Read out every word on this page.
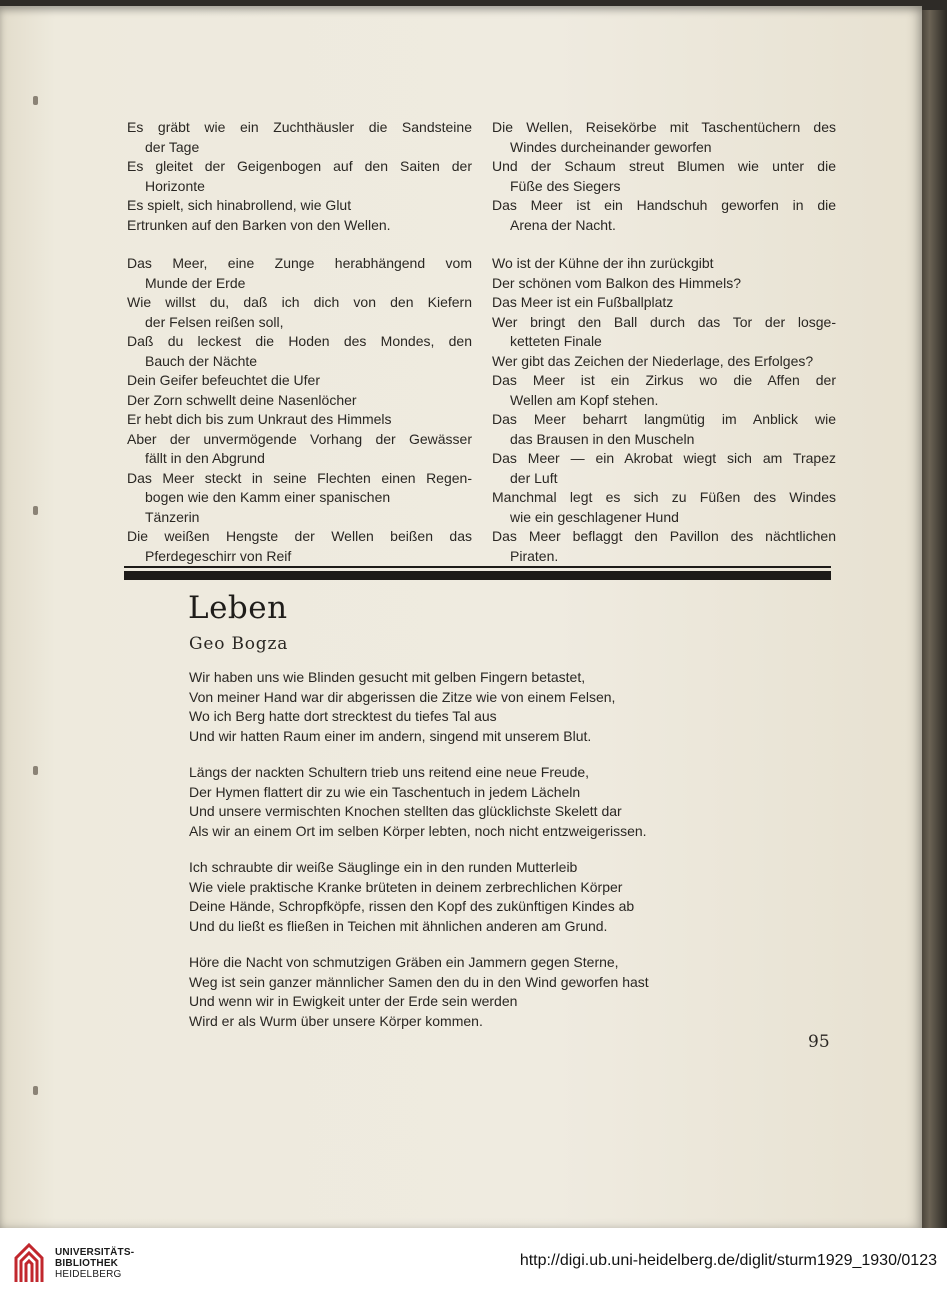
Es gräbt wie ein Zuchthäusler die Sandsteine
der Tage
Es gleitet der Geigenbogen auf den Saiten der
Horizonte
Es spielt, sich hinabrollend, wie Glut
Ertrunken auf den Barken von den Wellen.
Das Meer, eine Zunge herabhängend vom
Munde der Erde
Wie willst du, daß ich dich von den Kiefern
der Felsen reißen soll,
Daß du leckest die Hoden des Mondes, den
Bauch der Nächte
Dein Geifer befeuchtet die Ufer
Der Zorn schwellt deine Nasenlöcher
Er hebt dich bis zum Unkraut des Himmels
Aber der unvermögende Vorhang der Gewässer
fällt in den Abgrund
Das Meer steckt in seine Flechten einen Regen-
bogen wie den Kamm einer spanischen
Tänzerin
Die weißen Hengste der Wellen beißen das
Pferdegeschirr von Reif
Die Wellen, Reisekörbe mit Taschentüchern des
Windes durcheinander geworfen
Und der Schaum streut Blumen wie unter die
Füße des Siegers
Das Meer ist ein Handschuh geworfen in die
Arena der Nacht.
Wo ist der Kühne der ihn zurückgibt
Der schönen vom Balkon des Himmels?
Das Meer ist ein Fußballplatz
Wer bringt den Ball durch das Tor der losge-
ketteten Finale
Wer gibt das Zeichen der Niederlage, des Erfolges?
Das Meer ist ein Zirkus wo die Affen der
Wellen am Kopf stehen.
Das Meer beharrt langmütig im Anblick wie
das Brausen in den Muscheln
Das Meer — ein Akrobat wiegt sich am Trapez
der Luft
Manchmal legt es sich zu Füßen des Windes
wie ein geschlagener Hund
Das Meer beflaggt den Pavillon des nächtlichen
Piraten.
Leben
Geo Bogza
Wir haben uns wie Blinden gesucht mit gelben Fingern betastet,
Von meiner Hand war dir abgerissen die Zitze wie von einem Felsen,
Wo ich Berg hatte dort strecktest du tiefes Tal aus
Und wir hatten Raum einer im andern, singend mit unserem Blut.
Längs der nackten Schultern trieb uns reitend eine neue Freude,
Der Hymen flattert dir zu wie ein Taschentuch in jedem Lächeln
Und unsere vermischten Knochen stellten das glücklichste Skelett dar
Als wir an einem Ort im selben Körper lebten, noch nicht entzweigerissen.
Ich schraubte dir weiße Säuglinge ein in den runden Mutterleib
Wie viele praktische Kranke brüteten in deinem zerbrechlichen Körper
Deine Hände, Schropfköpfe, rissen den Kopf des zukünftigen Kindes ab
Und du ließt es fließen in Teichen mit ähnlichen anderen am Grund.
Höre die Nacht von schmutzigen Gräben ein Jammern gegen Sterne,
Weg ist sein ganzer männlicher Samen den du in den Wind geworfen hast
Und wenn wir in Ewigkeit unter der Erde sein werden
Wird er als Wurm über unsere Körper kommen.
95
UNIVERSITÄTS-
BIBLIOTHEK
HEIDELBERG
http://digi.ub.uni-heidelberg.de/diglit/sturm1929_1930/0123
